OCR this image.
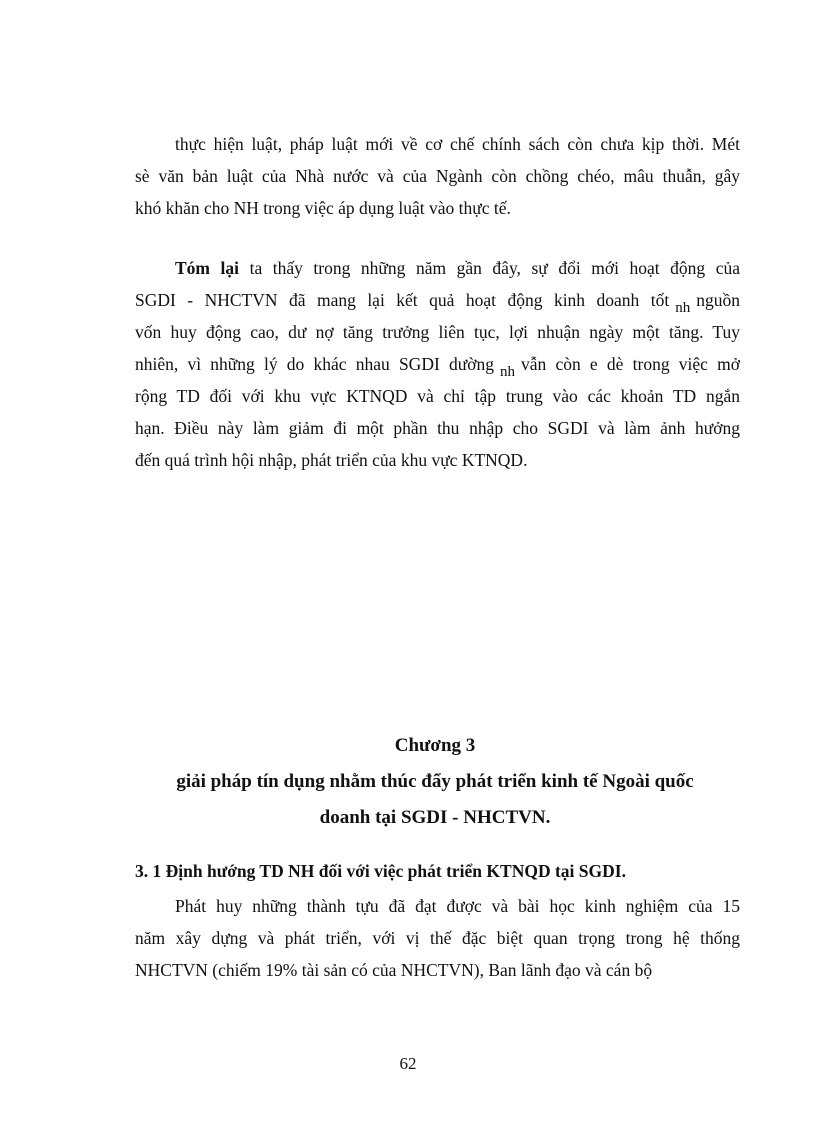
thực hiện luật, pháp luật mới về cơ chế chính sách còn chưa kịp thời. Mét
sè văn bản luật của Nhà nước và của Ngành còn chồng chéo, mâu thuẫn, gây
khó khăn cho NH trong việc áp dụng luật vào thực tế.
Tóm lại ta thấy trong những năm gần đây, sự đổi mới hoạt động của
SGDI - NHCTVN đã mang lại kết quả hoạt động kinh doanh tốt nh nguồn
vốn huy động cao, dư nợ tăng trưởng liên tục, lợi nhuận ngày một tăng. Tuy
nhiên, vì những lý do khác nhau SGDI dường nh vẫn còn e dè trong việc mở
rộng TD đối với khu vực KTNQD và chỉ tập trung vào các khoản TD ngắn
hạn. Điều này làm giảm đi một phần thu nhập cho SGDI và làm ảnh hưởng
đến quá trình hội nhập, phát triển của khu vực KTNQD.
Chương 3
giải pháp tín dụng nhằm thúc đẩy phát triển kinh tế Ngoài quốc
doanh tại SGDI - NHCTVN.

3. 1 Định hướng TD NH đối với việc phát triển KTNQD tại SGDI.

Phát huy những thành tựu đã đạt được và bài học kinh nghiệm của 15
năm xây dựng và phát triển, với vị thế đặc biệt quan trọng trong hệ thống
NHCTVN (chiếm 19% tài sản có của NHCTVN), Ban lãnh đạo và cán bộ
62
